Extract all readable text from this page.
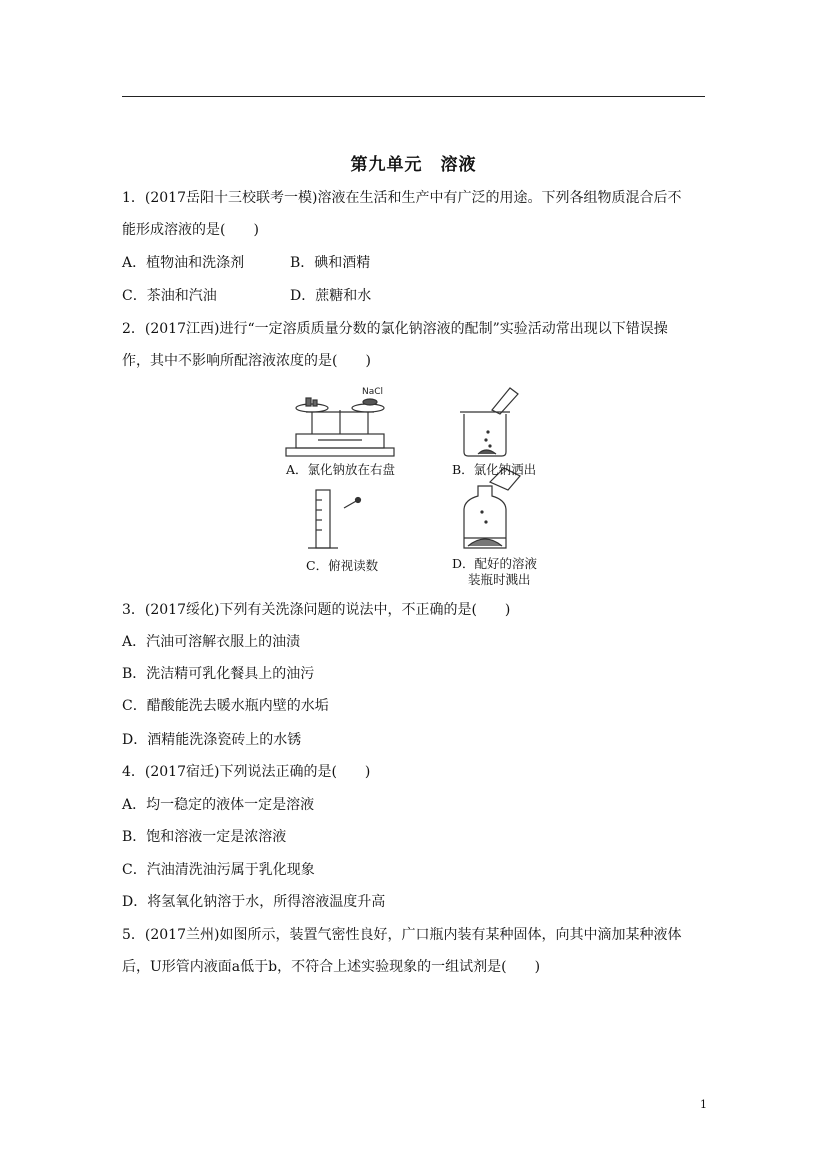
第九单元　溶液
1．(2017岳阳十三校联考一模)溶液在生活和生产中有广泛的用途。下列各组物质混合后不
能形成溶液的是(　　)
A．植物油和洗涤剂	B．碘和酒精
C．茶油和汽油	D．蔗糖和水
2．(2017江西)进行“一定溶质质量分数的氯化钠溶液的配制”实验活动常出现以下错误操
作，其中不影响所配溶液浓度的是(　　)
NaCl
A．氯化钠放在右盘	B．氯化钠洒出
C．俯视读数	D．配好的溶液
装瓶时溅出
3．(2017绥化)下列有关洗涤问题的说法中，不正确的是(　　)
A．汽油可溶解衣服上的油渍
B．洗洁精可乳化餐具上的油污
C．醋酸能洗去暖水瓶内壁的水垢
D．酒精能洗涤瓷砖上的水锈
4．(2017宿迁)下列说法正确的是(　　)
A．均一稳定的液体一定是溶液
B．饱和溶液一定是浓溶液
C．汽油清洗油污属于乳化现象
D．将氢氧化钠溶于水，所得溶液温度升高
5．(2017兰州)如图所示，装置气密性良好，广口瓶内装有某种固体，向其中滴加某种液体
后，U形管内液面a低于b，不符合上述实验现象的一组试剂是(　　)
1
